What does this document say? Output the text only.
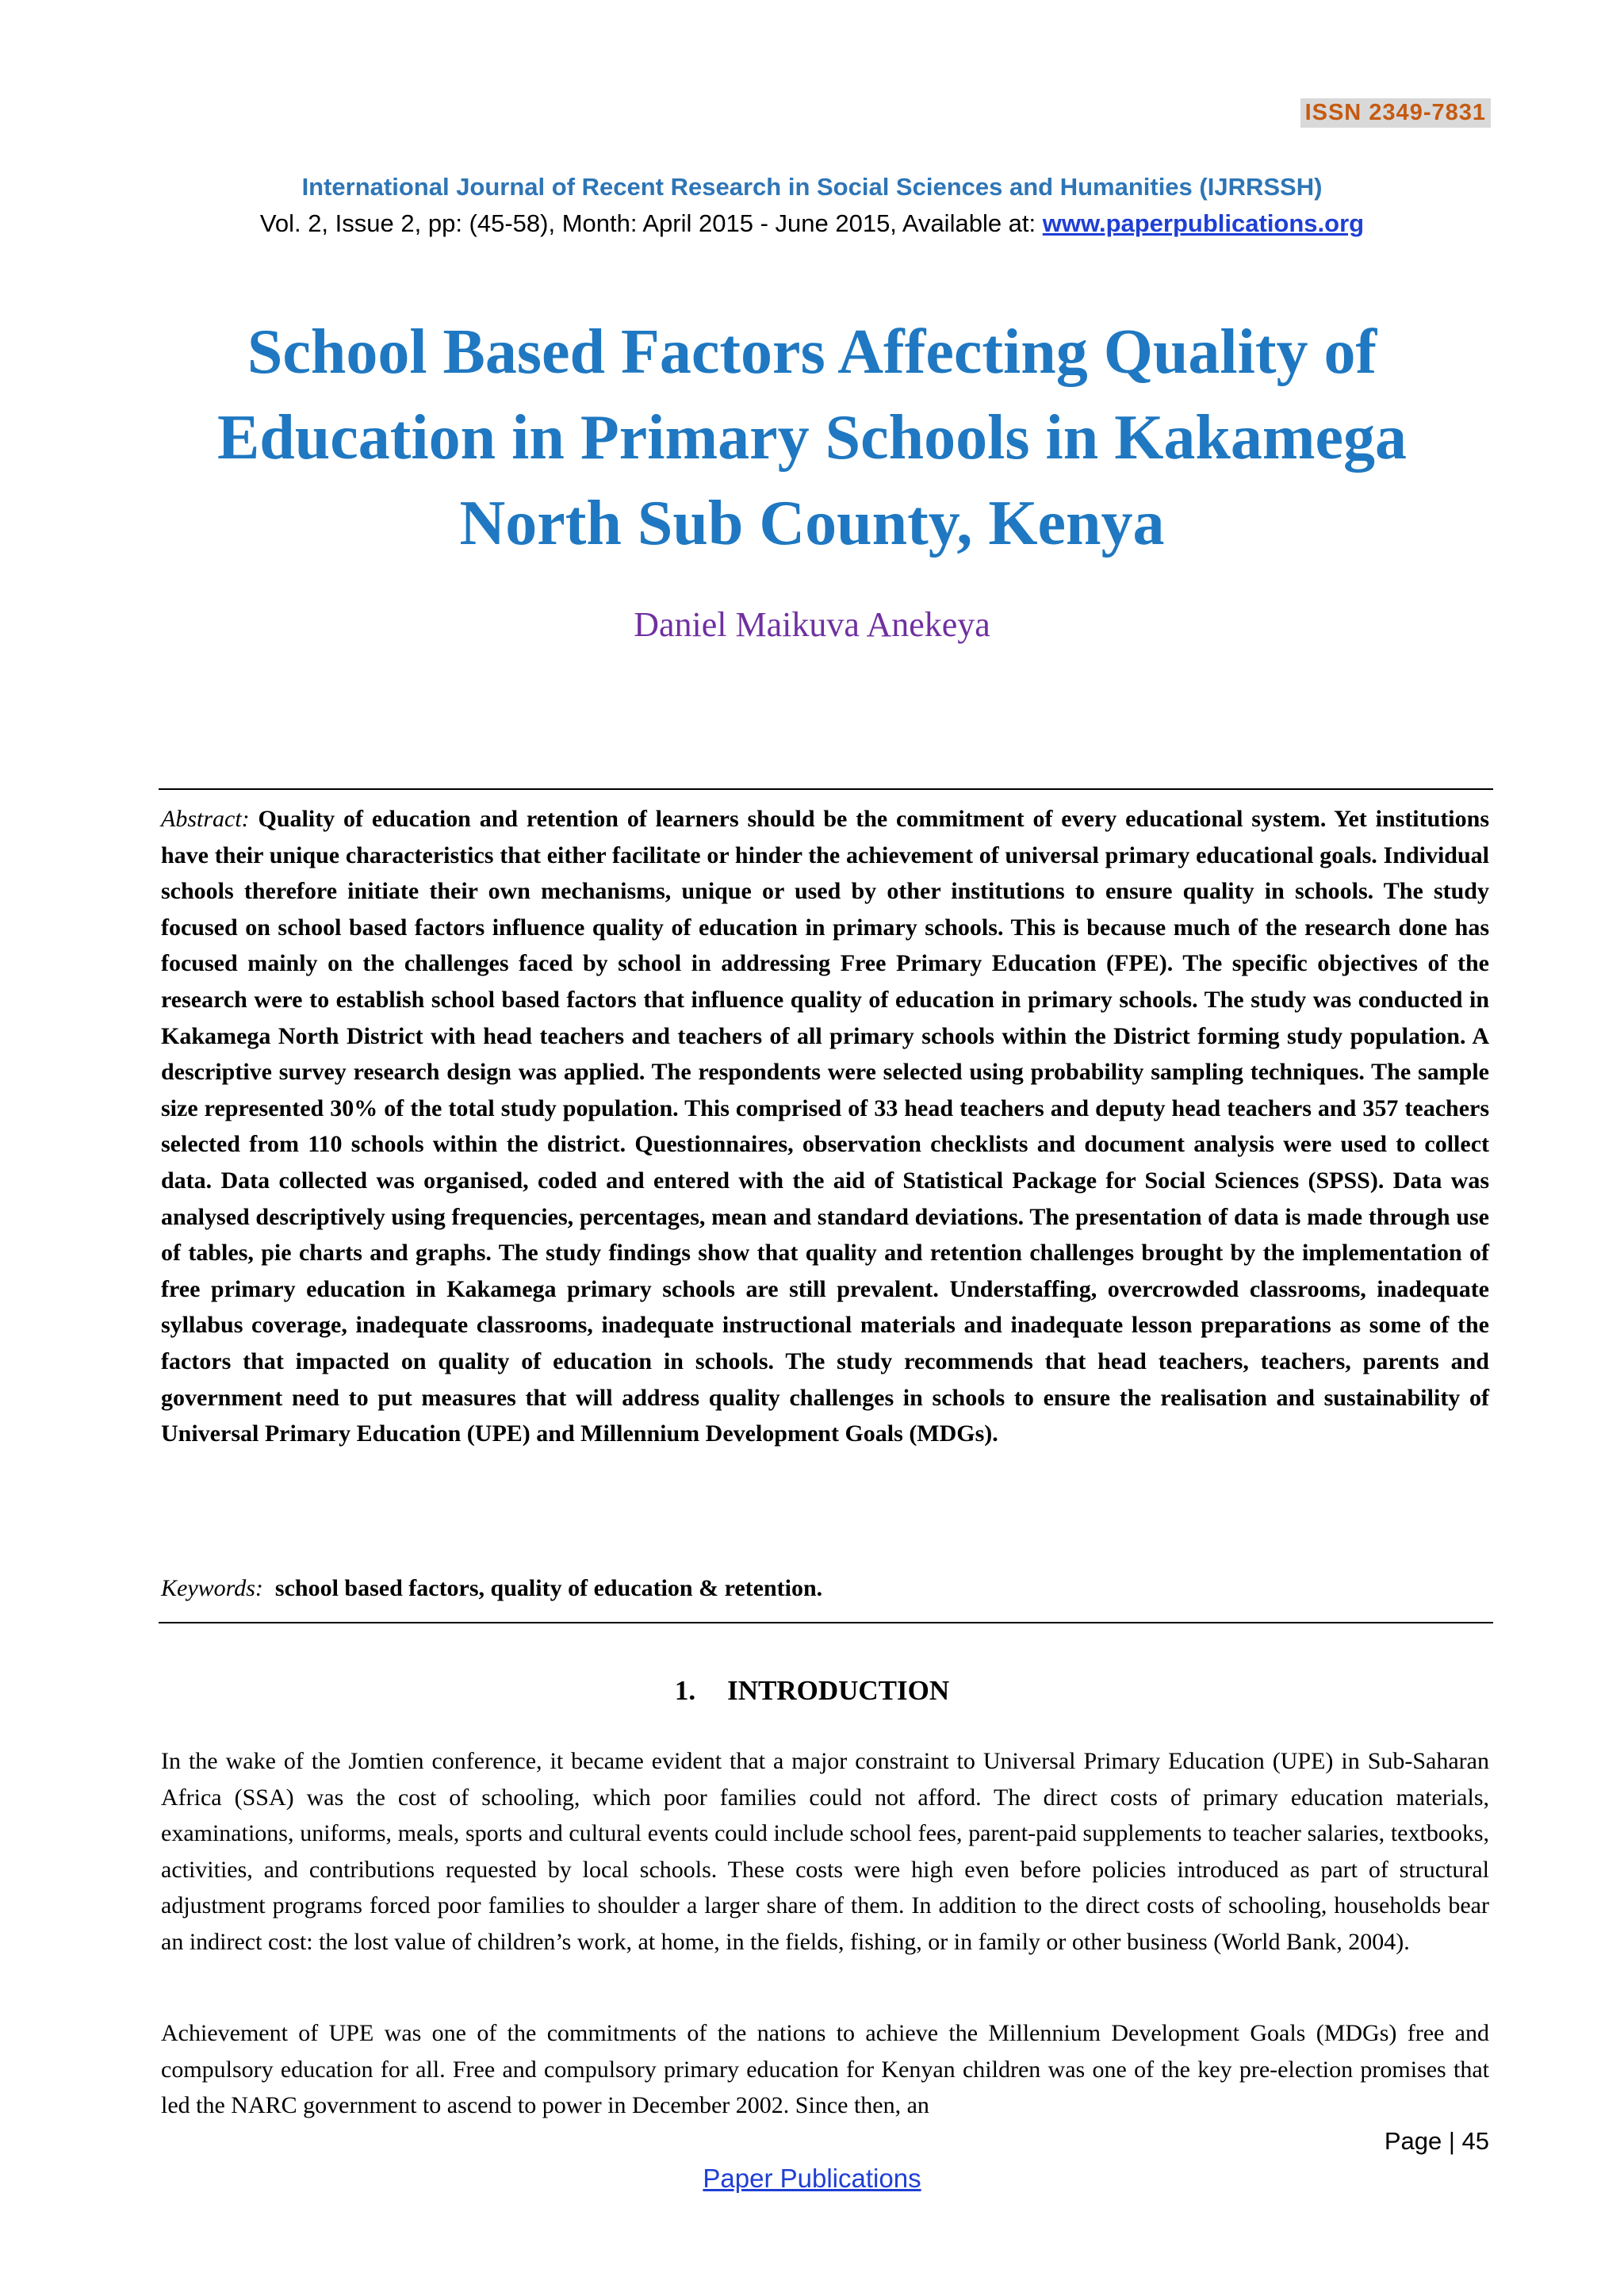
ISSN 2349-7831
International Journal of Recent Research in Social Sciences and Humanities (IJRRSSH)
Vol. 2, Issue 2, pp: (45-58), Month: April 2015 - June 2015, Available at: www.paperpublications.org
School Based Factors Affecting Quality of Education in Primary Schools in Kakamega North Sub County, Kenya
Daniel Maikuva Anekeya
Abstract: Quality of education and retention of learners should be the commitment of every educational system. Yet institutions have their unique characteristics that either facilitate or hinder the achievement of universal primary educational goals. Individual schools therefore initiate their own mechanisms, unique or used by other institutions to ensure quality in schools. The study focused on school based factors influence quality of education in primary schools. This is because much of the research done has focused mainly on the challenges faced by school in addressing Free Primary Education (FPE). The specific objectives of the research were to establish school based factors that influence quality of education in primary schools. The study was conducted in Kakamega North District with head teachers and teachers of all primary schools within the District forming study population. A descriptive survey research design was applied. The respondents were selected using probability sampling techniques. The sample size represented 30% of the total study population. This comprised of 33 head teachers and deputy head teachers and 357 teachers selected from 110 schools within the district. Questionnaires, observation checklists and document analysis were used to collect data. Data collected was organised, coded and entered with the aid of Statistical Package for Social Sciences (SPSS). Data was analysed descriptively using frequencies, percentages, mean and standard deviations. The presentation of data is made through use of tables, pie charts and graphs. The study findings show that quality and retention challenges brought by the implementation of free primary education in Kakamega primary schools are still prevalent. Understaffing, overcrowded classrooms, inadequate syllabus coverage, inadequate classrooms, inadequate instructional materials and inadequate lesson preparations as some of the factors that impacted on quality of education in schools. The study recommends that head teachers, teachers, parents and government need to put measures that will address quality challenges in schools to ensure the realisation and sustainability of Universal Primary Education (UPE) and Millennium Development Goals (MDGs).
Keywords: school based factors, quality of education & retention.
1. INTRODUCTION
In the wake of the Jomtien conference, it became evident that a major constraint to Universal Primary Education (UPE) in Sub-Saharan Africa (SSA) was the cost of schooling, which poor families could not afford. The direct costs of primary education materials, examinations, uniforms, meals, sports and cultural events could include school fees, parent-paid supplements to teacher salaries, textbooks, activities, and contributions requested by local schools. These costs were high even before policies introduced as part of structural adjustment programs forced poor families to shoulder a larger share of them. In addition to the direct costs of schooling, households bear an indirect cost: the lost value of children’s work, at home, in the fields, fishing, or in family or other business (World Bank, 2004).
Achievement of UPE was one of the commitments of the nations to achieve the Millennium Development Goals (MDGs) free and compulsory education for all. Free and compulsory primary education for Kenyan children was one of the key pre-election promises that led the NARC government to ascend to power in December 2002. Since then, an
Page | 45
Paper Publications
